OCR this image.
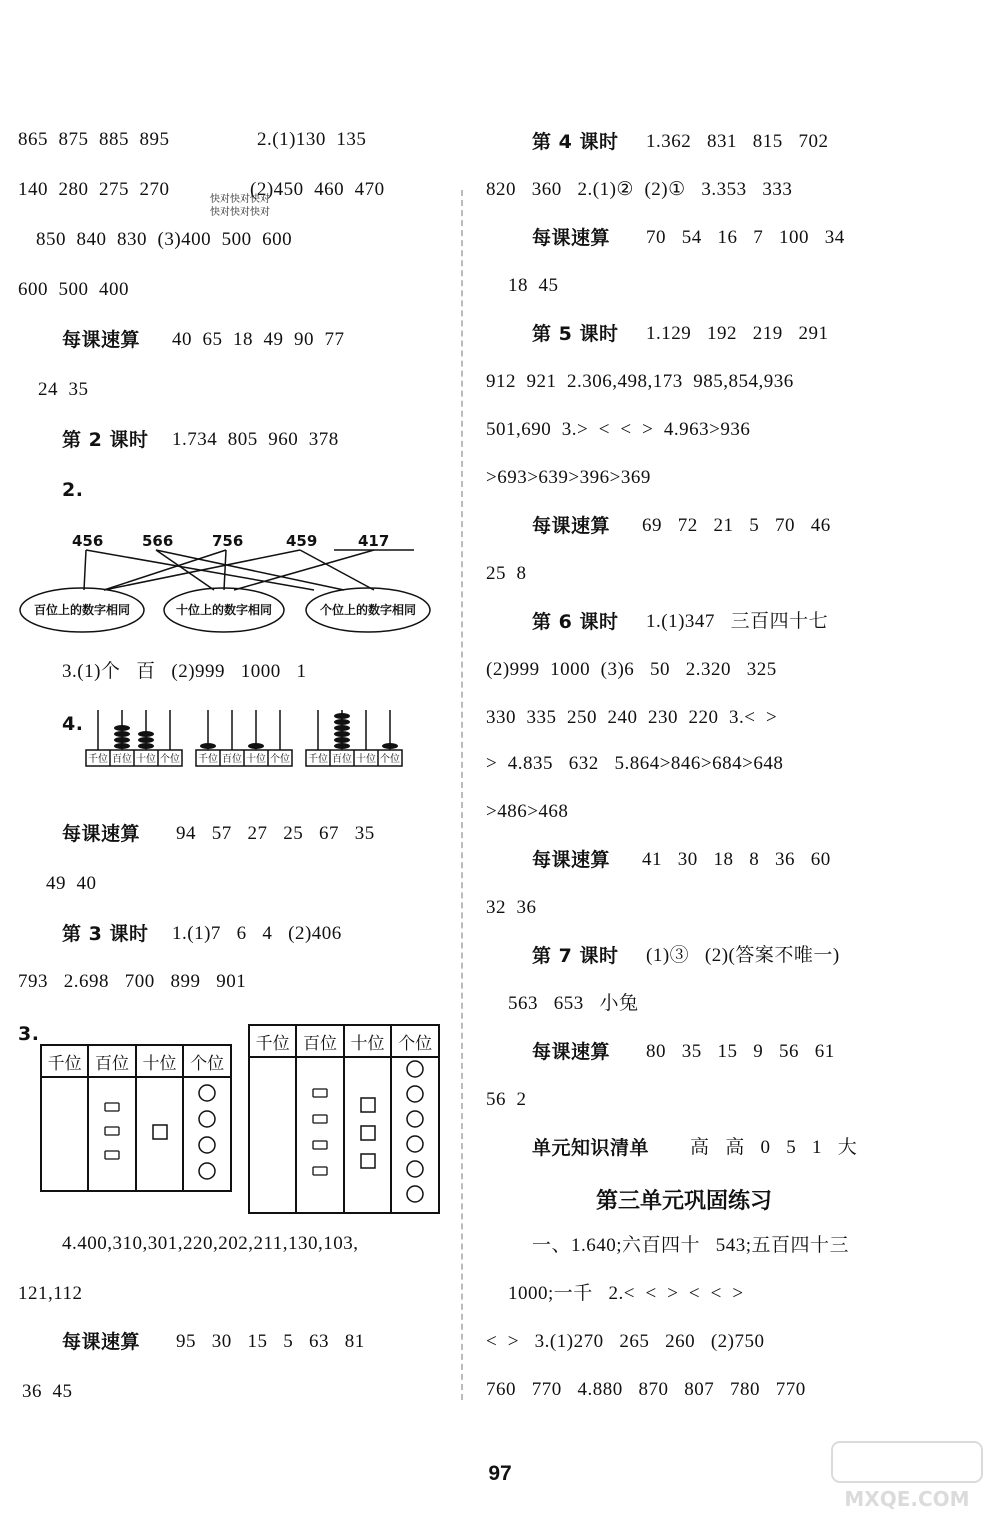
865  875  885  895	2.(1)130  135
140  280  275  270	(2)450  460  470
快对快对快对
快对快对快对
850  840  830  (3)400  500  600
600  500  400
每课速算 40  65  18  49  90  77
24  35
第 2 课时 1.734  805  960  378
2.
456	566	756	459	417
百位上的数字相同	十位上的数字相同	个位上的数字相同
3.(1)个   百   (2)999   1000   1
4.
千位 百位 十位 个位 千位 百位 十位 个位 千位 百位 十位 个位
每课速算 94   57   27   25   67   35
49  40
第 3 课时 1.(1)7   6   4   (2)406
793   2.698   700   899   901
3.
千位	百位	十位	个位

千位	百位	十位	个位

4.400,310,301,220,202,211,130,103,
121,112
每课速算 95   30   15   5   63   81
36  45
第 4 课时 1.362   831   815   702
820   360   2.(1)②  (2)①   3.353   333
每课速算 70   54   16   7   100   34
18  45
第 5 课时 1.129   192   219   291
912  921  2.306,498,173  985,854,936
501,690  3.>  <  <  >  4.963>936
>693>639>396>369
每课速算 69   72   21   5   70   46
25  8
第 6 课时 1.(1)347   三百四十七
(2)999  1000  (3)6   50   2.320   325
330  335  250  240  230  220  3.<  >
>  4.835   632   5.864>846>684>648
>486>468
每课速算 41   30   18   8   36   60
32  36
第 7 课时 (1)③   (2)(答案不唯一)
563   653   小兔
每课速算 80   35   15   9   56   61
56  2
单元知识清单 高   高   0   5   1   大
第三单元巩固练习
一、1.640;六百四十   543;五百四十三
1000;一千   2.<  <  >  <  <  >
<  >   3.(1)270   265   260   (2)750
760   770   4.880   870   807   780   770
97
MXQE.COM
